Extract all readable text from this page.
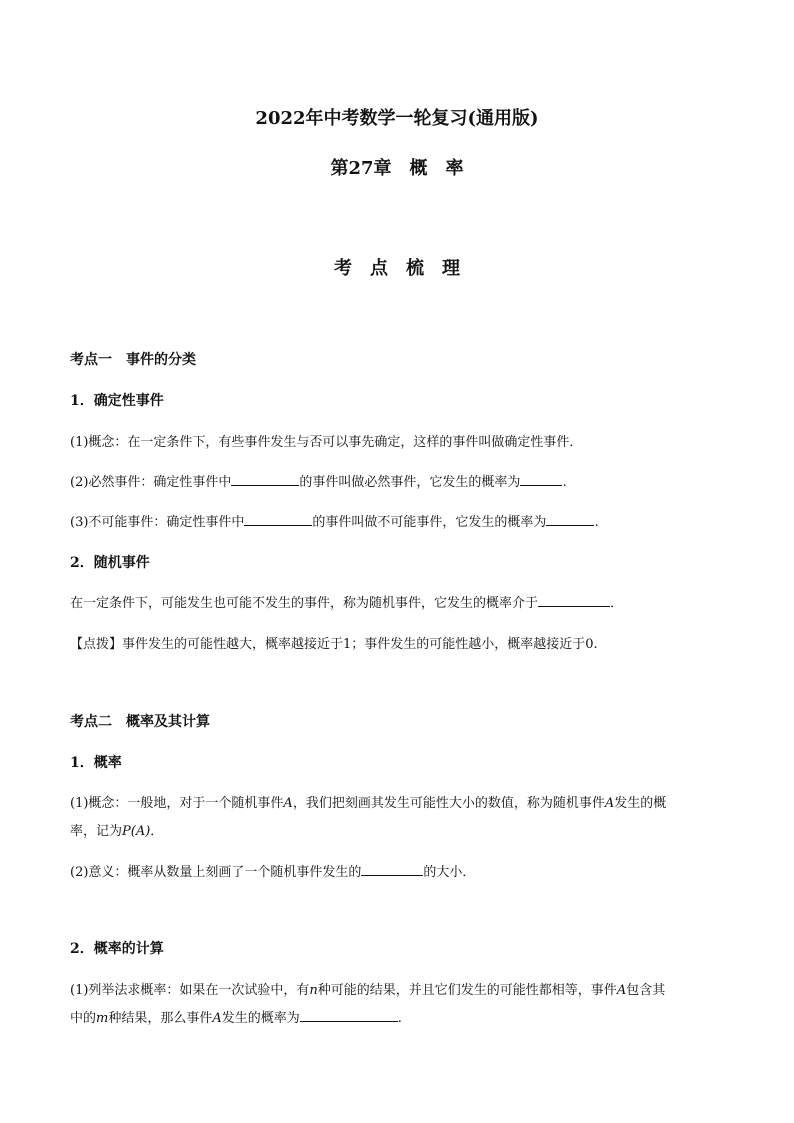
2022年中考数学一轮复习(通用版)
第27章　概　率
考　点　梳　理
考点一　事件的分类
1．确定性事件
(1)概念：在一定条件下，有些事件发生与否可以事先确定，这样的事件叫做确定性事件．
(2)必然事件：确定性事件中	的事件叫做必然事件，它发生的概率为	.
(3)不可能事件：确定性事件中	的事件叫做不可能事件，它发生的概率为	.
2．随机事件
在一定条件下，可能发生也可能不发生的事件，称为随机事件，它发生的概率介于	．
【点拨】事件发生的可能性越大，概率越接近于1；事件发生的可能性越小，概率越接近于0.
考点二　概率及其计算
1．概率
(1)概念：一般地，对于一个随机事件A，我们把刻画其发生可能性大小的数值，称为随机事件A发生的概
率，记为P(A)．
(2)意义：概率从数量上刻画了一个随机事件发生的	的大小．
2．概率的计算
(1)列举法求概率：如果在一次试验中，有n种可能的结果，并且它们发生的可能性都相等，事件A包含其
中的m种结果，那么事件A发生的概率为	.
